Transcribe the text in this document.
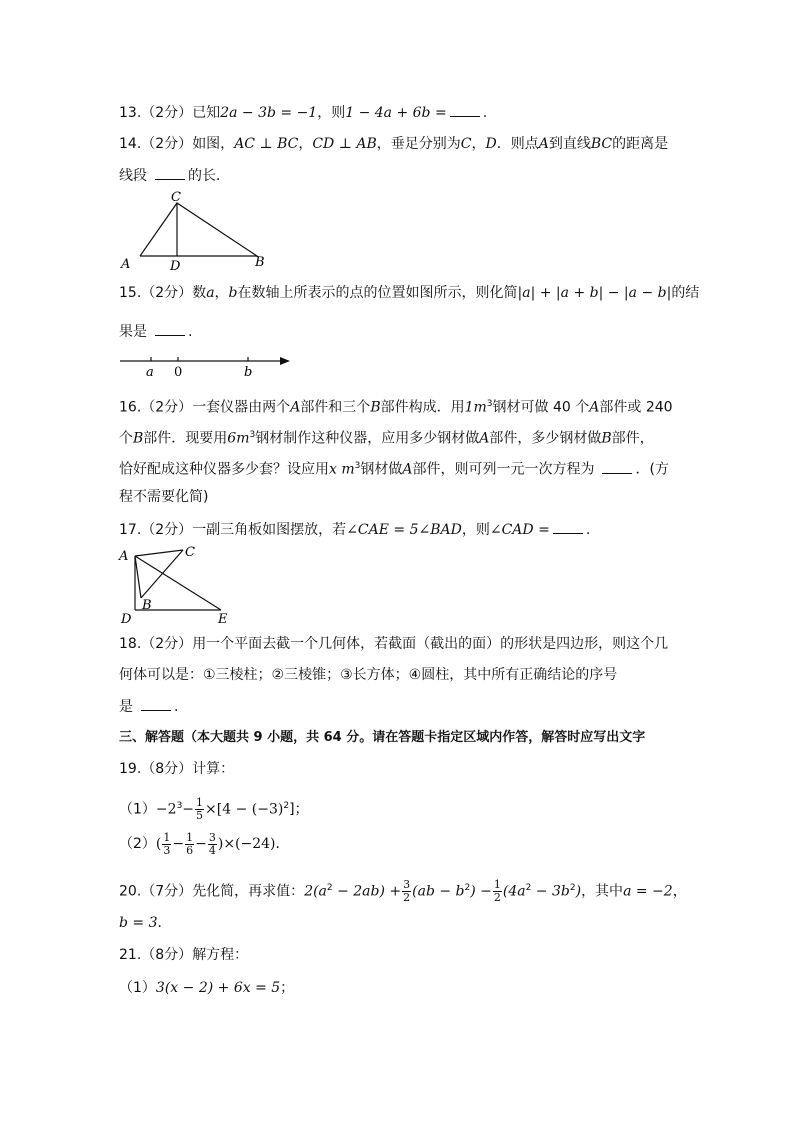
13.（2分）已知2a − 3b = −1，则1 − 4a + 6b =	.
14.（2分）如图，AC ⊥ BC，CD ⊥ AB，垂足分别为C，D．则点A到直线BC的距离是
线段	的长．
C
A	D	B
15.（2分）数a，b在数轴上所表示的点的位置如图所示，则化简|a| + |a + b| − |a − b|的结
果是	.
a 0	b
16.（2分）一套仪器由两个A部件和三个B部件构成．用$1m^3$钢材可做 40 个A部件或 240
个B部件．现要用$6m^3$钢材制作这种仪器，应用多少钢材做A部件，多少钢材做B部件，
恰好配成这种仪器多少套？设应用x $m^3$钢材做A部件，则可列一元一次方程为	．(方
程不需要化简)
17.（2分）一副三角板如图摆放，若∠CAE = 5∠BAD，则∠CAD =	.
A	C
B
D	E
18.（2分）用一个平面去截一个几何体，若截面（截出的面）的形状是四边形，则这个几
何体可以是：①三棱柱；②三棱锥；③长方体；④圆柱，其中所有正确结论的序号
是	.
三、解答题（本大题共 9 小题，共 64 分。请在答题卡指定区域内作答，解答时应写出文字
19.（8分）计算：
$(1)-2^3- \frac{1}{5} \times[4 - (-3)^2]$；
$(2)( \frac{1}{3} - \frac{1}{6} - \frac{3}{4} )\times(-24)$．
20.（7分）先化简，再求值：$2(a^2 - 2ab) + \frac{3}{2} (ab - b^2) - \frac{1}{2} (4a^2 - 3b^2)$，其中a = −2，
b = 3．
21.（8分）解方程：
（1）3(x − 2) + 6x = 5；
